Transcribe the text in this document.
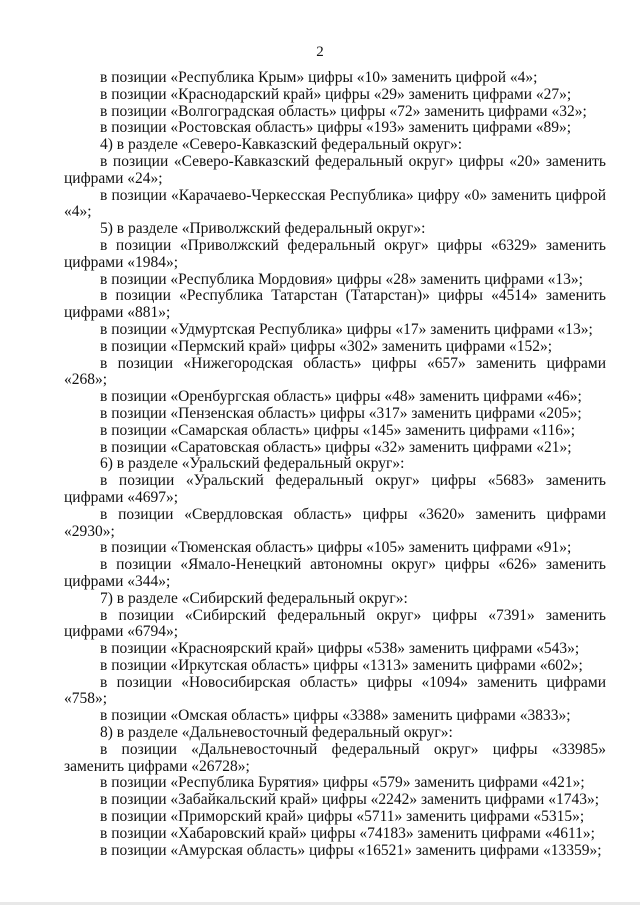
2

в позиции «Республика Крым» цифры «10» заменить цифрой «4»;

в позиции «Краснодарский край» цифры «29» заменить цифрами «27»;

в позиции «Волгоградская область» цифры «72» заменить цифрами «32»;

в позиции «Ростовская область» цифры «193» заменить цифрами «89»;

4) в разделе «Северо-Кавказский федеральный округ»:

в позиции «Северо-Кавказский федеральный округ» цифры «20» заменить цифрами «24»;

в позиции «Карачаево-Черкесская Республика» цифру «0» заменить цифрой «4»;

5) в разделе «Приволжский федеральный округ»:

в позиции «Приволжский федеральный округ» цифры «6329» заменить цифрами «1984»;

в позиции «Республика Мордовия» цифры «28» заменить цифрами «13»;

в позиции «Республика Татарстан (Татарстан)» цифры «4514» заменить цифрами «881»;

в позиции «Удмуртская Республика» цифры «17» заменить цифрами «13»;

в позиции «Пермский край» цифры «302» заменить цифрами «152»;

в позиции «Нижегородская область» цифры «657» заменить цифрами «268»;

в позиции «Оренбургская область» цифры «48» заменить цифрами «46»;

в позиции «Пензенская область» цифры «317» заменить цифрами «205»;

в позиции «Самарская область» цифры «145» заменить цифрами «116»;

в позиции «Саратовская область» цифры «32» заменить цифрами «21»;

6) в разделе «Уральский федеральный округ»:

в позиции «Уральский федеральный округ» цифры «5683» заменить цифрами «4697»;

в позиции «Свердловская область» цифры «3620» заменить цифрами «2930»;

в позиции «Тюменская область» цифры «105» заменить цифрами «91»;

в позиции «Ямало-Ненецкий автономны округ» цифры «626» заменить цифрами «344»;

7) в разделе «Сибирский федеральный округ»:

в позиции «Сибирский федеральный округ» цифры «7391» заменить цифрами «6794»;

в позиции «Красноярский край» цифры «538» заменить цифрами «543»;

в позиции «Иркутская область» цифры «1313» заменить цифрами «602»;

в позиции «Новосибирская область» цифры «1094» заменить цифрами «758»;

в позиции «Омская область» цифры «3388» заменить цифрами «3833»;

8) в разделе «Дальневосточный федеральный округ»:

в позиции «Дальневосточный федеральный округ» цифры «33985» заменить цифрами «26728»;

в позиции «Республика Бурятия» цифры «579» заменить цифрами «421»;

в позиции «Забайкальский край» цифры «2242» заменить цифрами «1743»;

в позиции «Приморский край» цифры «5711» заменить цифрами «5315»;

в позиции «Хабаровский край» цифры «74183» заменить цифрами «4611»;

в позиции «Амурская область» цифры «16521» заменить цифрами «13359»;
